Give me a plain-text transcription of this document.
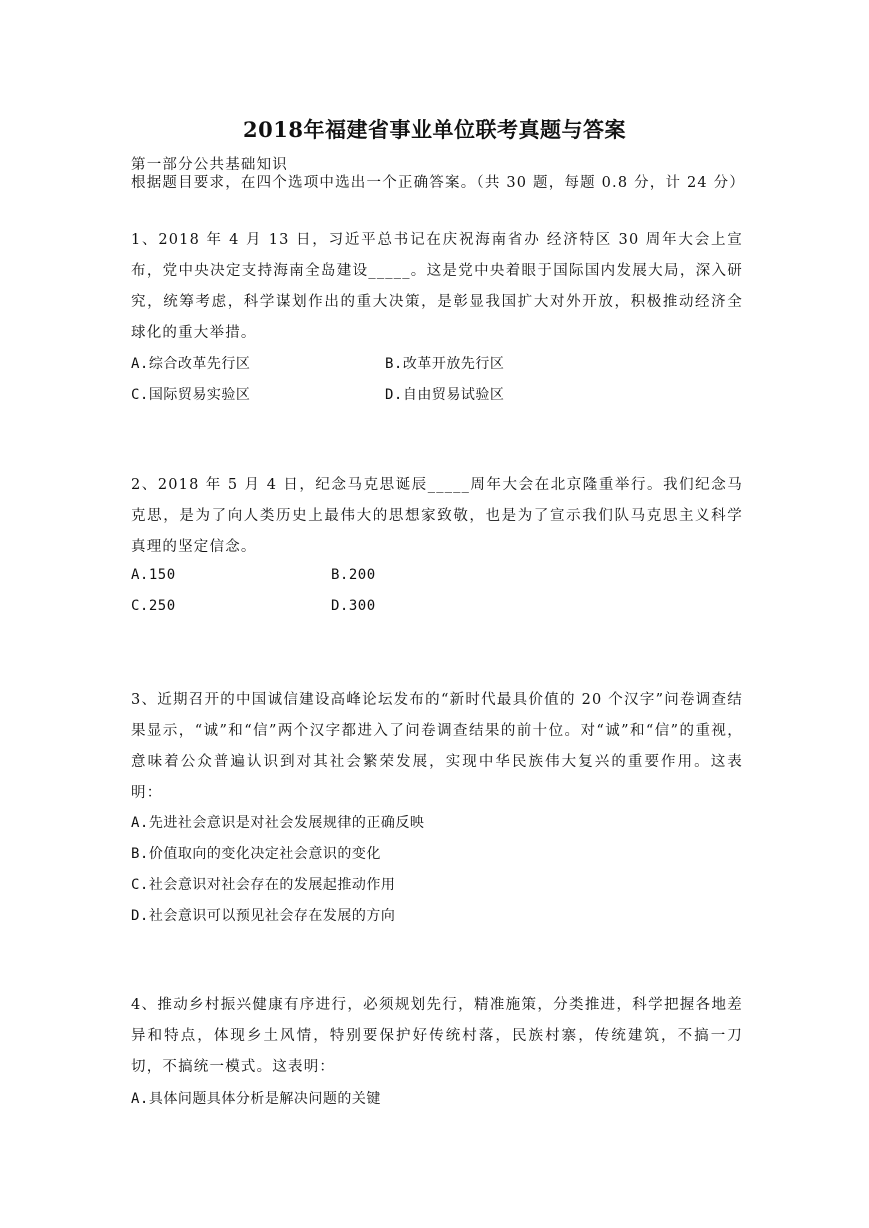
2018年福建省事业单位联考真题与答案
第一部分公共基础知识
根据题目要求，在四个选项中选出一个正确答案。（共 30 题，每题 0.8 分，计 24 分）
1、2018 年 4 月 13 日，习近平总书记在庆祝海南省办 经济特区 30 周年大会上宣布，党中央决定支持海南全岛建设_____。这是党中央着眼于国际国内发展大局，深入研究，统筹考虑，科学谋划作出的重大决策，是彰显我国扩大对外开放，积极推动经济全球化的重大举措。
A.综合改革先行区	B.改革开放先行区
C.国际贸易实验区	D.自由贸易试验区
2、2018 年 5 月 4 日，纪念马克思诞辰_____周年大会在北京隆重举行。我们纪念马克思，是为了向人类历史上最伟大的思想家致敬，也是为了宣示我们队马克思主义科学真理的坚定信念。
A.150	B.200
C.250	D.300
3、近期召开的中国诚信建设高峰论坛发布的“新时代最具价值的 20 个汉字”问卷调查结果显示，“诚”和“信”两个汉字都进入了问卷调查结果的前十位。对“诚”和“信”的重视，意味着公众普遍认识到对其社会繁荣发展，实现中华民族伟大复兴的重要作用。这表明：
A.先进社会意识是对社会发展规律的正确反映
B.价值取向的变化决定社会意识的变化
C.社会意识对社会存在的发展起推动作用
D.社会意识可以预见社会存在发展的方向
4、推动乡村振兴健康有序进行，必须规划先行，精准施策，分类推进，科学把握各地差异和特点，体现乡土风情，特别要保护好传统村落，民族村寨，传统建筑，不搞一刀切，不搞统一模式。这表明：
A.具体问题具体分析是解决问题的关键
